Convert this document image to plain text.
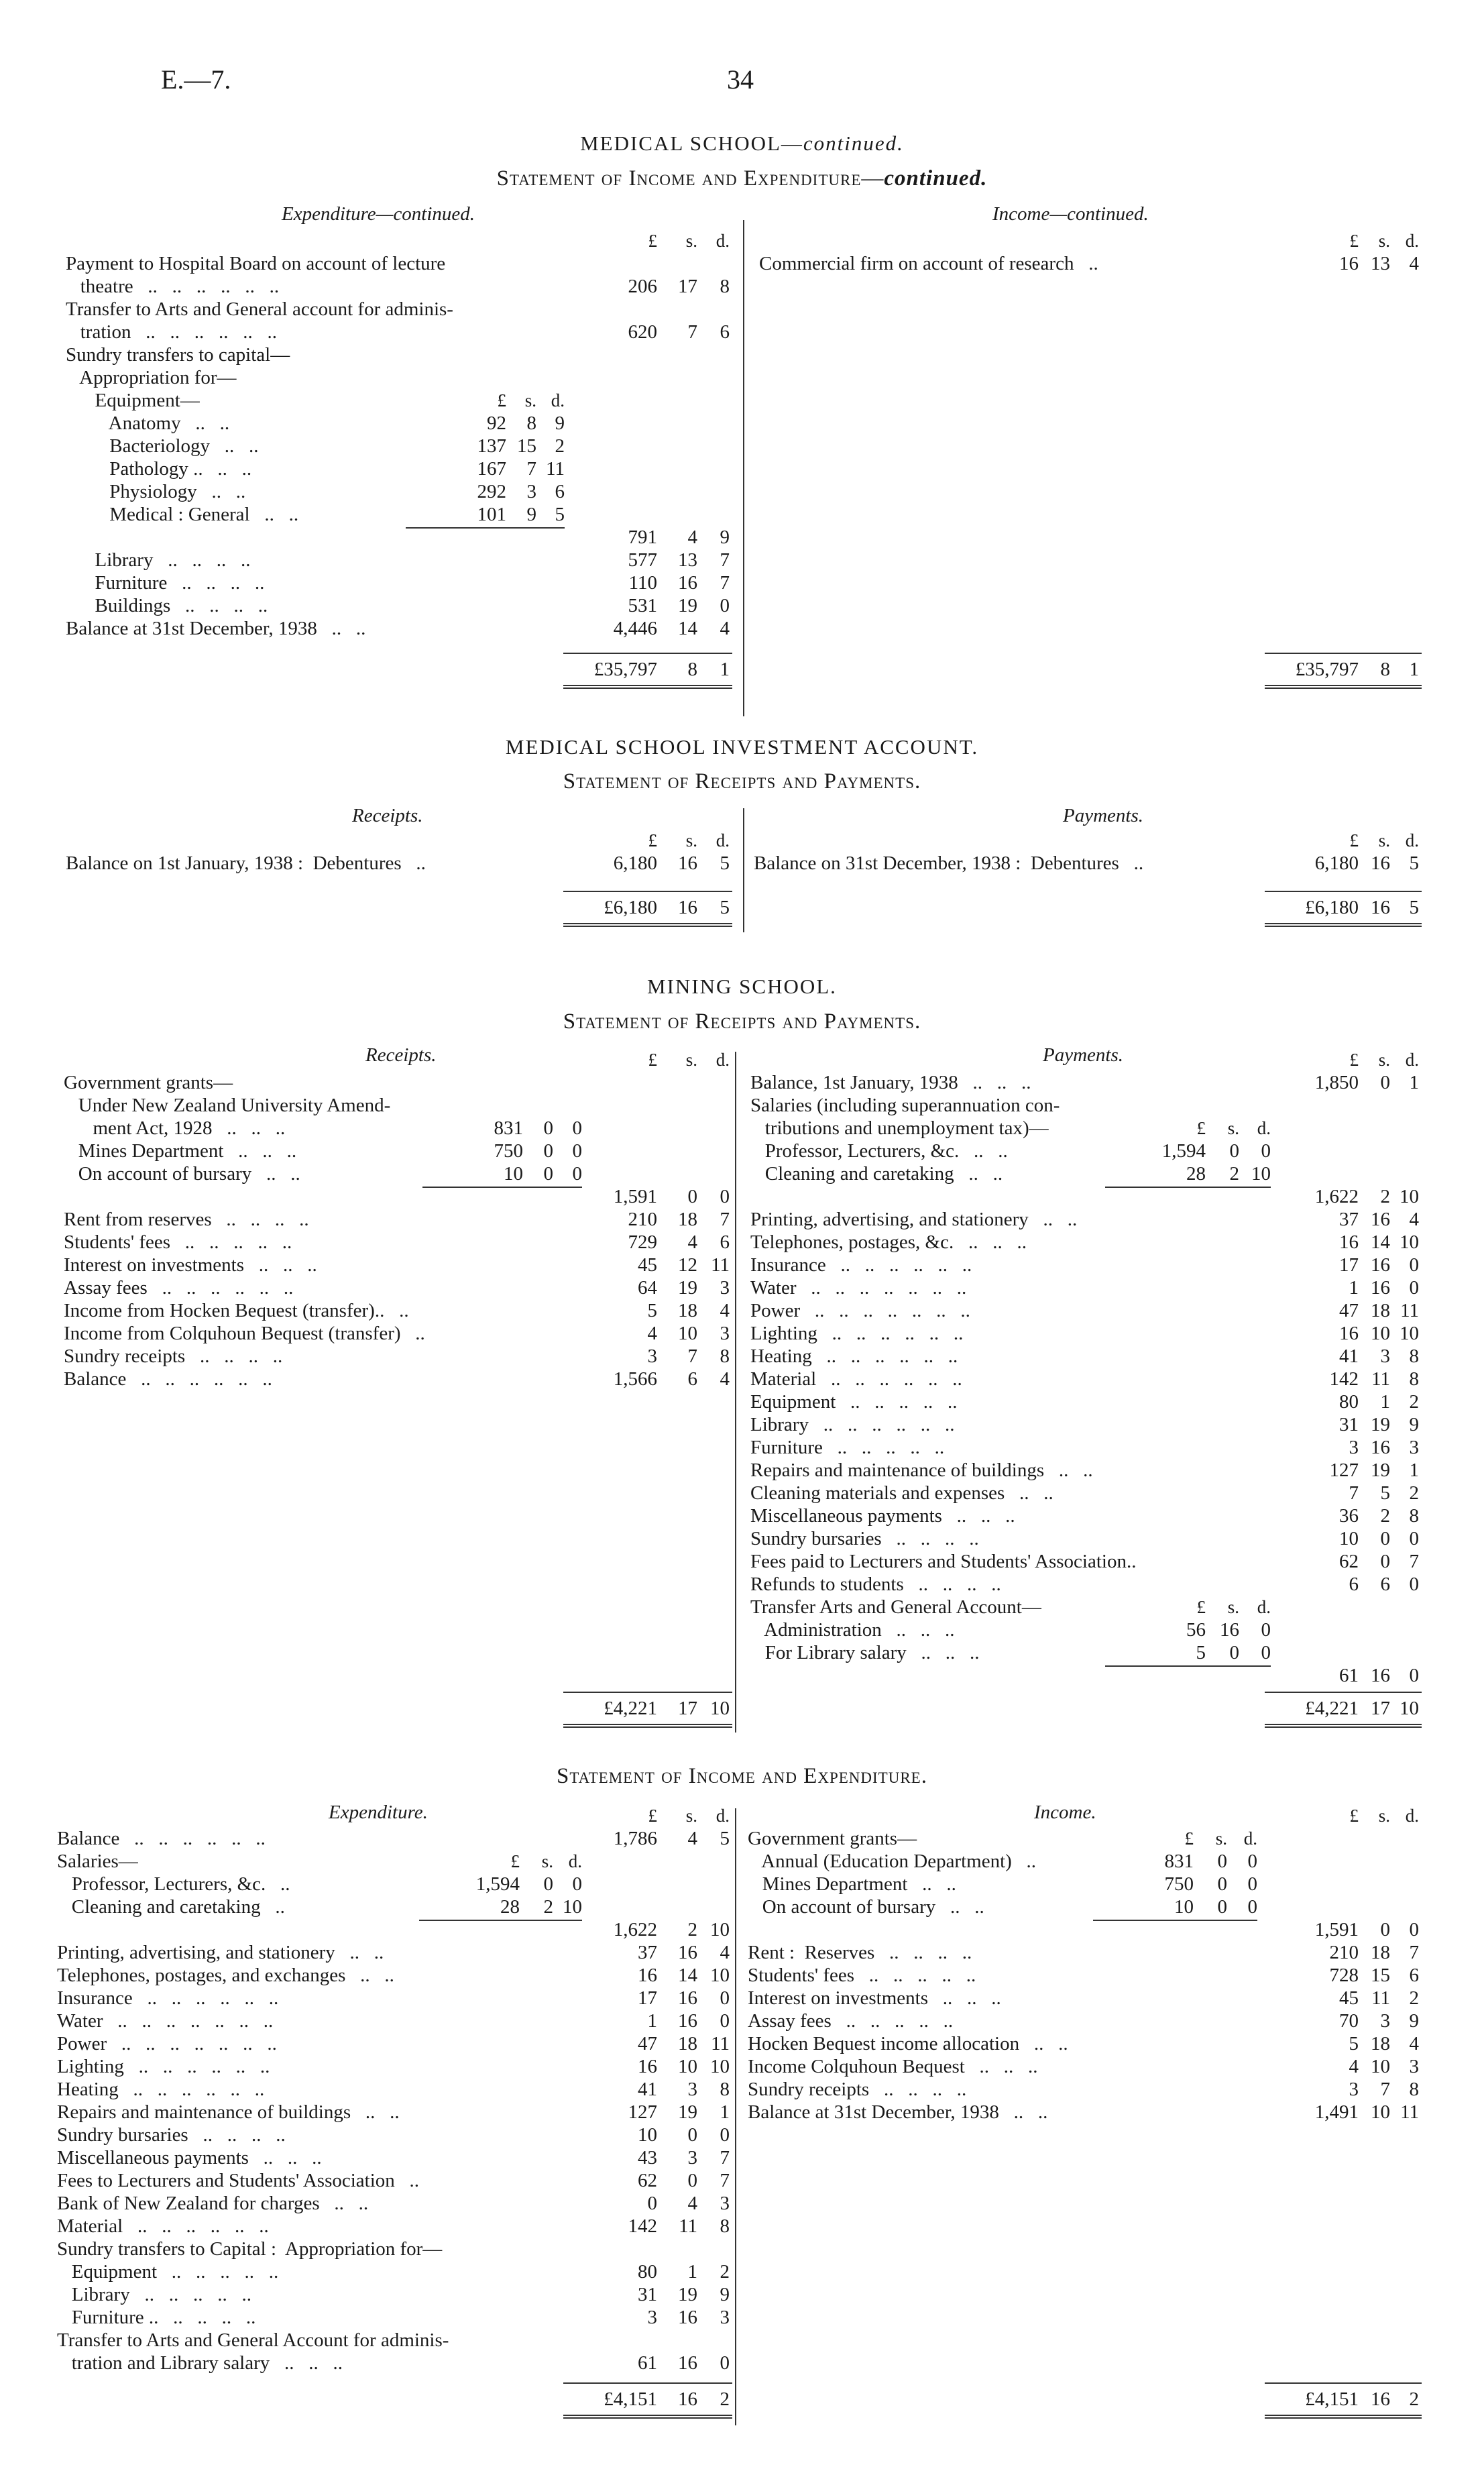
E.—7.	34
MEDICAL SCHOOL—continued.
Statement of Income and Expenditure—continued.
Expenditure—continued.	Income—continued.
£	s.	d.
Payment to Hospital Board on account of lecture
theatre   ..   ..   ..   ..   ..   ..	206	17	8
Transfer to Arts and General account for adminis-
tration   ..   ..   ..   ..   ..   ..	620	7	6
Sundry transfers to capital—
Appropriation for—
Equipment—	£	s. d.
Anatomy   ..   ..	92	8 9
Bacteriology   ..   ..	137 15 2
Pathology ..   ..   ..	167	7 11
Physiology   ..   ..	292	3 6
Medical : General   ..   ..	101	9 5
791	4	9
Library   ..   ..   ..   ..	577	13	7
Furniture   ..   ..   ..   ..	110	16	7
Buildings   ..   ..   ..   ..	531	19	0
Balance at 31st December, 1938   ..   ..	4,446	14	4
£35,797	8	1
£	s. d.
Commercial firm on account of research   ..	16 13 4
£35,797	8 1
MEDICAL SCHOOL INVESTMENT ACCOUNT.
Statement of Receipts and Payments.
Receipts.	Payments.
£	s.	d.
Balance on 1st January, 1938 :  Debentures   ..	6,180	16	5
£6,180	16	5
£	s. d.
Balance on 31st December, 1938 :  Debentures   ..	6,180 16 5
£6,180 16 5
MINING SCHOOL.
Statement of Receipts and Payments.
Receipts.	Payments.
£	s.	d.
Government grants—
Under New Zealand University Amend-
ment Act, 1928   ..   ..   ..	831	0 0
Mines Department   ..   ..   ..	750	0 0
On account of bursary   ..   ..	10	0 0
1,591	0	0
Rent from reserves   ..   ..   ..   ..	210	18	7
Students' fees   ..   ..   ..   ..   ..	729	4	6
Interest on investments   ..   ..   ..	45	12 11
Assay fees   ..   ..   ..   ..   ..   ..	64	19	3
Income from Hocken Bequest (transfer)..   ..	5	18	4
Income from Colquhoun Bequest (transfer)   ..	4	10	3
Sundry receipts   ..   ..   ..   ..	3	7	8
Balance   ..   ..   ..   ..   ..   ..	1,566	6	4
£4,221	17 10
£	s. d.
Balance, 1st January, 1938   ..   ..   ..	1,850	0 1
Salaries (including superannuation con-
tributions and unemployment tax)—	£	s. d.
Professor, Lecturers, &c.   ..   ..	1,594	0	0
Cleaning and caretaking   ..   ..	28	2 10
1,622	2 10
Printing, advertising, and stationery   ..   ..	37 16 4
Telephones, postages, &c.   ..   ..   ..	16 14 10
Insurance   ..   ..   ..   ..   ..   ..	17 16 0
Water   ..   ..   ..   ..   ..   ..   ..	1 16 0
Power   ..   ..   ..   ..   ..   ..   ..	47 18 11
Lighting   ..   ..   ..   ..   ..   ..	16 10 10
Heating   ..   ..   ..   ..   ..   ..	41	3 8
Material   ..   ..   ..   ..   ..   ..	142 11 8
Equipment   ..   ..   ..   ..   ..	80	1 2
Library   ..   ..   ..   ..   ..   ..	31 19 9
Furniture   ..   ..   ..   ..   ..	3 16 3
Repairs and maintenance of buildings   ..   ..	127 19 1
Cleaning materials and expenses   ..   ..	7	5 2
Miscellaneous payments   ..   ..   ..	36	2 8
Sundry bursaries   ..   ..   ..   ..	10	0 0
Fees paid to Lecturers and Students' Association..	62	0 7
Refunds to students   ..   ..   ..   ..	6	6 0
Transfer Arts and General Account—	£	s. d.
Administration   ..   ..   ..	56 16	0
For Library salary   ..   ..   ..	5	0	0
61 16 0
£4,221 17 10
Statement of Income and Expenditure.
Expenditure.	Income.
£	s.	d.
Balance   ..   ..   ..   ..   ..   ..	1,786	4	5
Salaries—	£	s. d.
Professor, Lecturers, &c.   ..	1,594	0 0
Cleaning and caretaking   ..	28	2 10
1,622	2 10
Printing, advertising, and stationery   ..   ..	37	16	4
Telephones, postages, and exchanges   ..   ..	16	14 10
Insurance   ..   ..   ..   ..   ..   ..	17	16	0
Water   ..   ..   ..   ..   ..   ..   ..	1	16	0
Power   ..   ..   ..   ..   ..   ..   ..	47	18 11
Lighting   ..   ..   ..   ..   ..   ..	16	10 10
Heating   ..   ..   ..   ..   ..   ..	41	3	8
Repairs and maintenance of buildings   ..   ..	127	19	1
Sundry bursaries   ..   ..   ..   ..	10	0	0
Miscellaneous payments   ..   ..   ..	43	3	7
Fees to Lecturers and Students' Association   ..	62	0	7
Bank of New Zealand for charges   ..   ..	0	4	3
Material   ..   ..   ..   ..   ..   ..	142	11	8
Sundry transfers to Capital :  Appropriation for—
Equipment   ..   ..   ..   ..   ..	80	1	2
Library   ..   ..   ..   ..   ..	31	19	9
Furniture ..   ..   ..   ..   ..	3	16	3
Transfer to Arts and General Account for adminis-
tration and Library salary   ..   ..   ..	61	16	0
£4,151	16	2
£	s. d.
Government grants—	£	s. d.
Annual (Education Department)   ..	831	0	0
Mines Department   ..   ..	750	0	0
On account of bursary   ..   ..	10	0	0
1,591	0 0
Rent :  Reserves   ..   ..   ..   ..	210 18 7
Students' fees   ..   ..   ..   ..   ..	728 15 6
Interest on investments   ..   ..   ..	45 11 2
Assay fees   ..   ..   ..   ..   ..	70	3 9
Hocken Bequest income allocation   ..   ..	5 18 4
Income Colquhoun Bequest   ..   ..   ..	4 10 3
Sundry receipts   ..   ..   ..   ..	3	7 8
Balance at 31st December, 1938   ..   ..	1,491 10 11
£4,151 16 2
